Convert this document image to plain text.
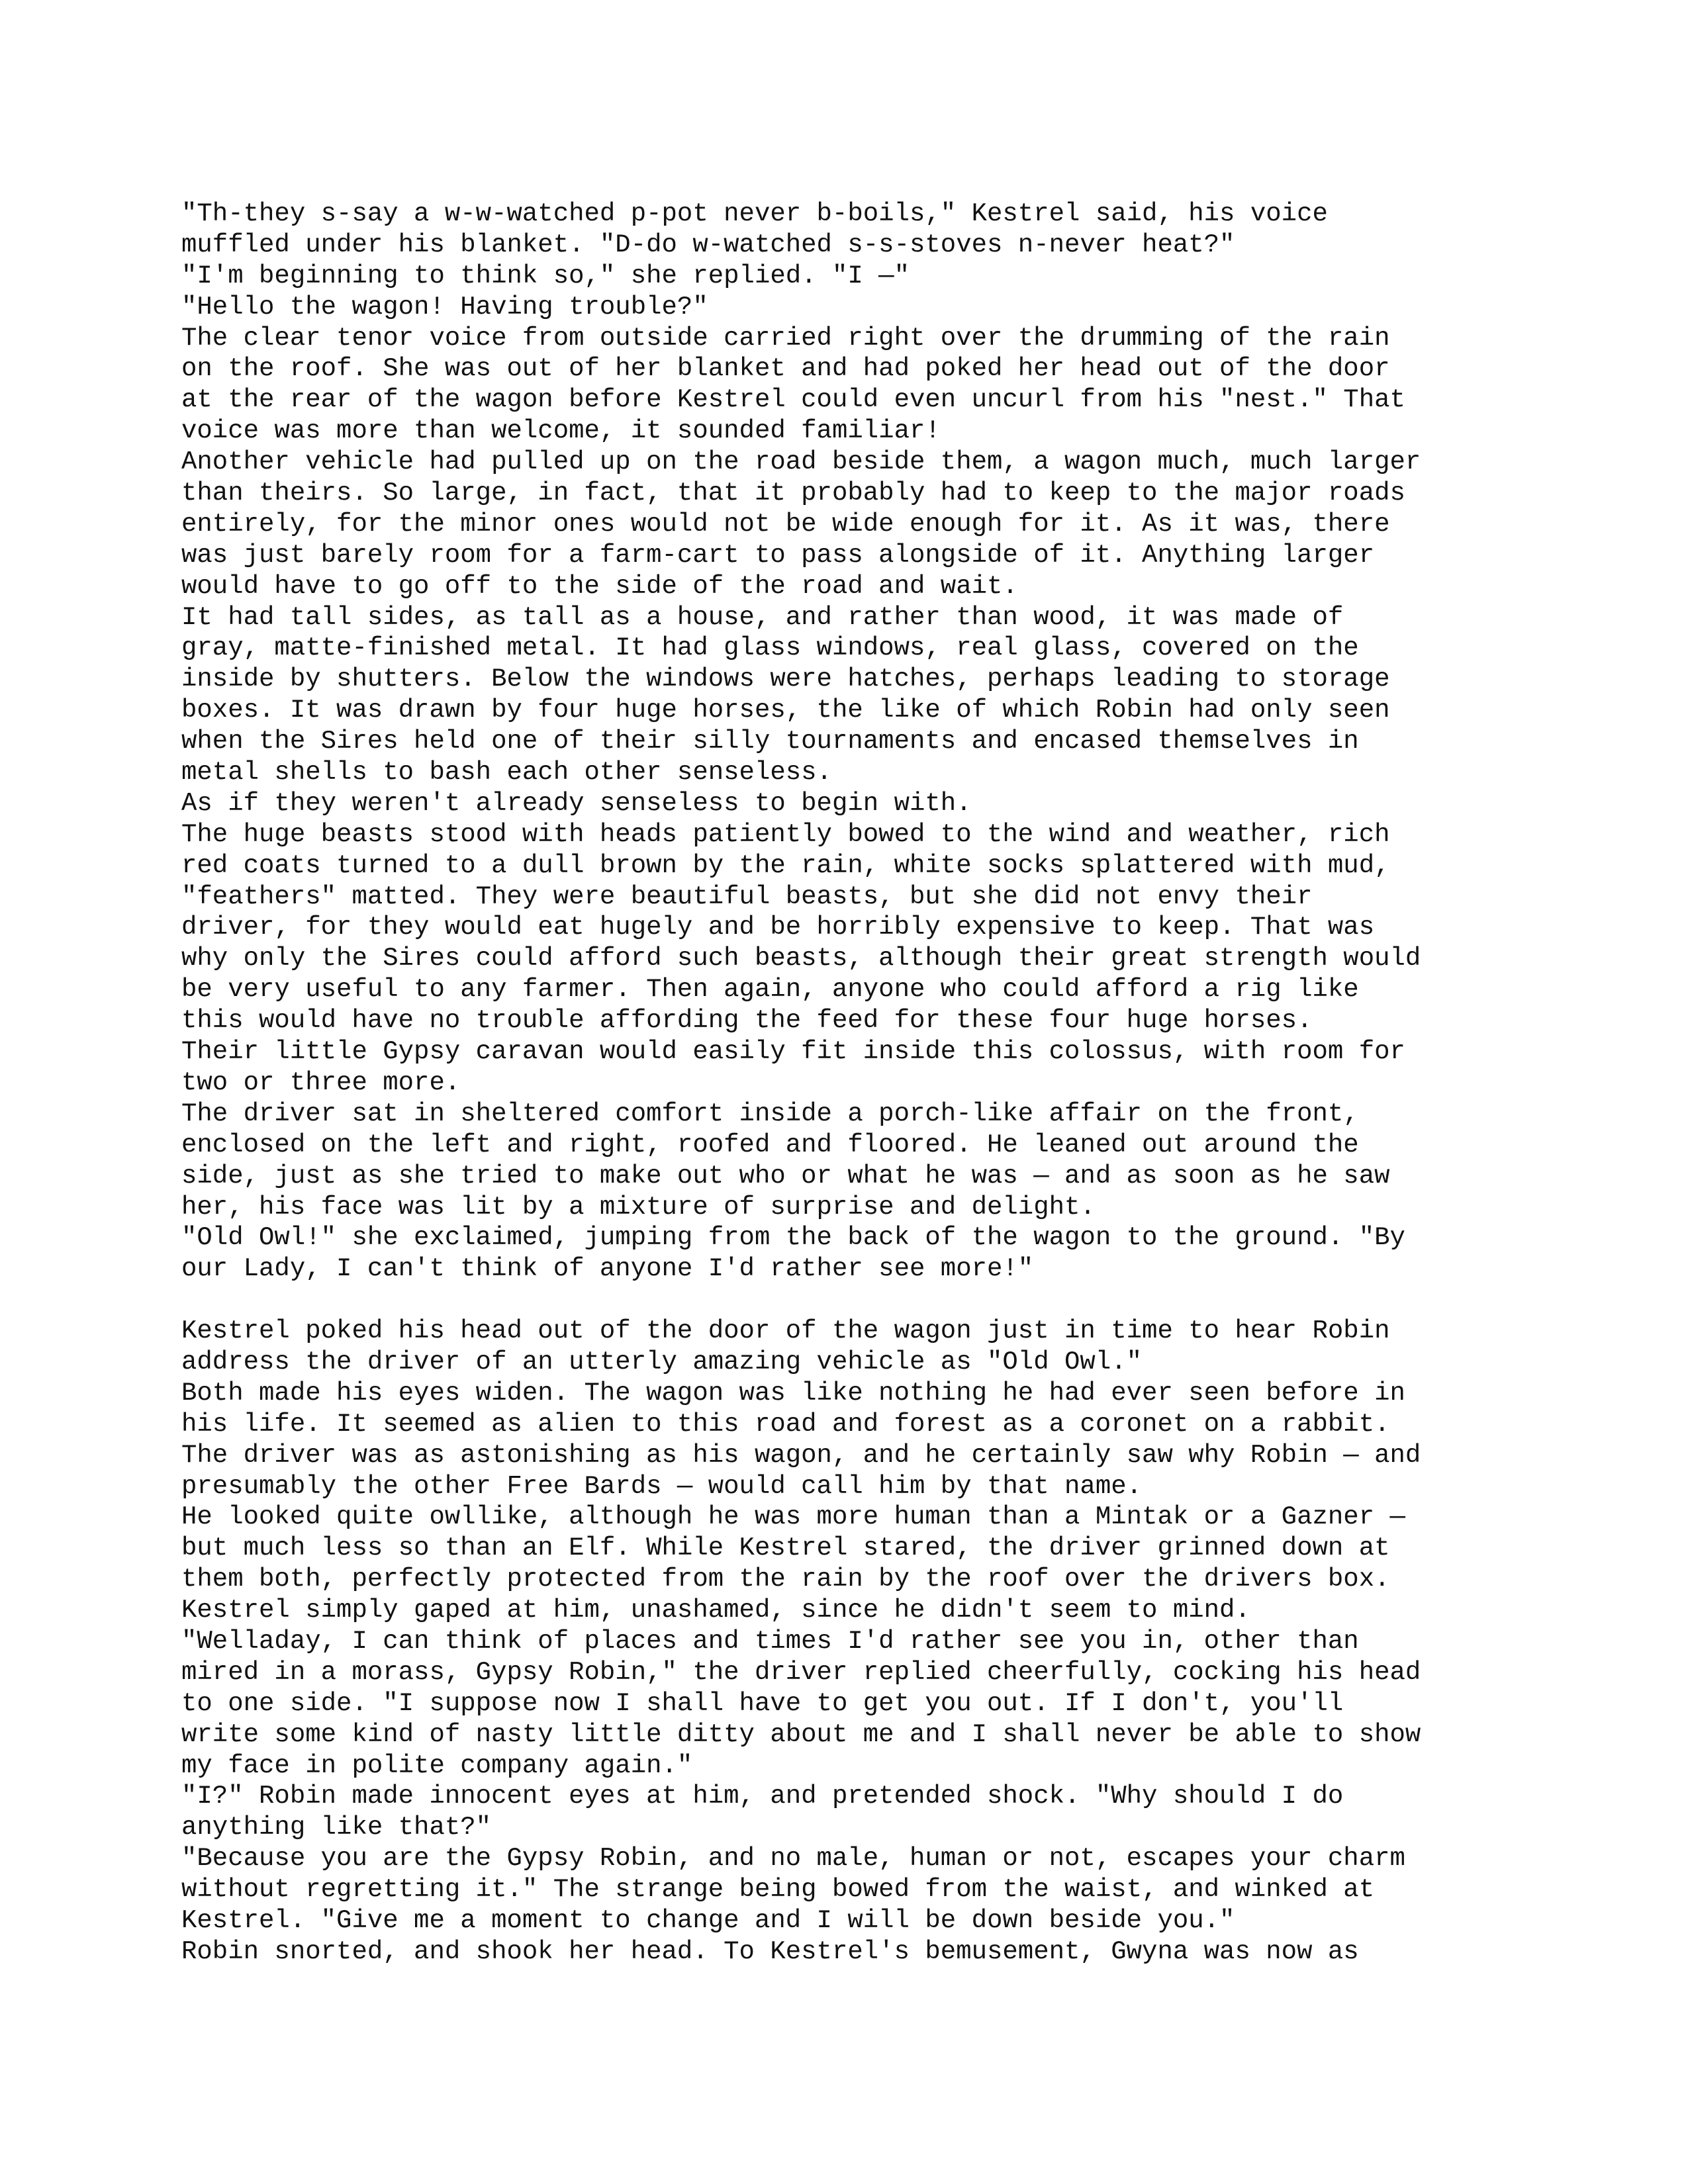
"Th-they s-say a w-w-watched p-pot never b-boils," Kestrel said, his voice
muffled under his blanket. "D-do w-watched s-s-stoves n-never heat?"
"I'm beginning to think so," she replied. "I —"
"Hello the wagon! Having trouble?"
The clear tenor voice from outside carried right over the drumming of the rain
on the roof. She was out of her blanket and had poked her head out of the door
at the rear of the wagon before Kestrel could even uncurl from his "nest." That
voice was more than welcome, it sounded familiar!
Another vehicle had pulled up on the road beside them, a wagon much, much larger
than theirs. So large, in fact, that it probably had to keep to the major roads
entirely, for the minor ones would not be wide enough for it. As it was, there
was just barely room for a farm-cart to pass alongside of it. Anything larger
would have to go off to the side of the road and wait.
It had tall sides, as tall as a house, and rather than wood, it was made of
gray, matte-finished metal. It had glass windows, real glass, covered on the
inside by shutters. Below the windows were hatches, perhaps leading to storage
boxes. It was drawn by four huge horses, the like of which Robin had only seen
when the Sires held one of their silly tournaments and encased themselves in
metal shells to bash each other senseless.
As if they weren't already senseless to begin with.
The huge beasts stood with heads patiently bowed to the wind and weather, rich
red coats turned to a dull brown by the rain, white socks splattered with mud,
"feathers" matted. They were beautiful beasts, but she did not envy their
driver, for they would eat hugely and be horribly expensive to keep. That was
why only the Sires could afford such beasts, although their great strength would
be very useful to any farmer. Then again, anyone who could afford a rig like
this would have no trouble affording the feed for these four huge horses.
Their little Gypsy caravan would easily fit inside this colossus, with room for
two or three more.
The driver sat in sheltered comfort inside a porch-like affair on the front,
enclosed on the left and right, roofed and floored. He leaned out around the
side, just as she tried to make out who or what he was — and as soon as he saw
her, his face was lit by a mixture of surprise and delight.
"Old Owl!" she exclaimed, jumping from the back of the wagon to the ground. "By
our Lady, I can't think of anyone I'd rather see more!"
Kestrel poked his head out of the door of the wagon just in time to hear Robin
address the driver of an utterly amazing vehicle as "Old Owl."
Both made his eyes widen. The wagon was like nothing he had ever seen before in
his life. It seemed as alien to this road and forest as a coronet on a rabbit.
The driver was as astonishing as his wagon, and he certainly saw why Robin — and
presumably the other Free Bards — would call him by that name.
He looked quite owllike, although he was more human than a Mintak or a Gazner —
but much less so than an Elf. While Kestrel stared, the driver grinned down at
them both, perfectly protected from the rain by the roof over the drivers box.
Kestrel simply gaped at him, unashamed, since he didn't seem to mind.
"Welladay, I can think of places and times I'd rather see you in, other than
mired in a morass, Gypsy Robin," the driver replied cheerfully, cocking his head
to one side. "I suppose now I shall have to get you out. If I don't, you'll
write some kind of nasty little ditty about me and I shall never be able to show
my face in polite company again."
"I?" Robin made innocent eyes at him, and pretended shock. "Why should I do
anything like that?"
"Because you are the Gypsy Robin, and no male, human or not, escapes your charm
without regretting it." The strange being bowed from the waist, and winked at
Kestrel. "Give me a moment to change and I will be down beside you."
Robin snorted, and shook her head. To Kestrel's bemusement, Gwyna was now as
